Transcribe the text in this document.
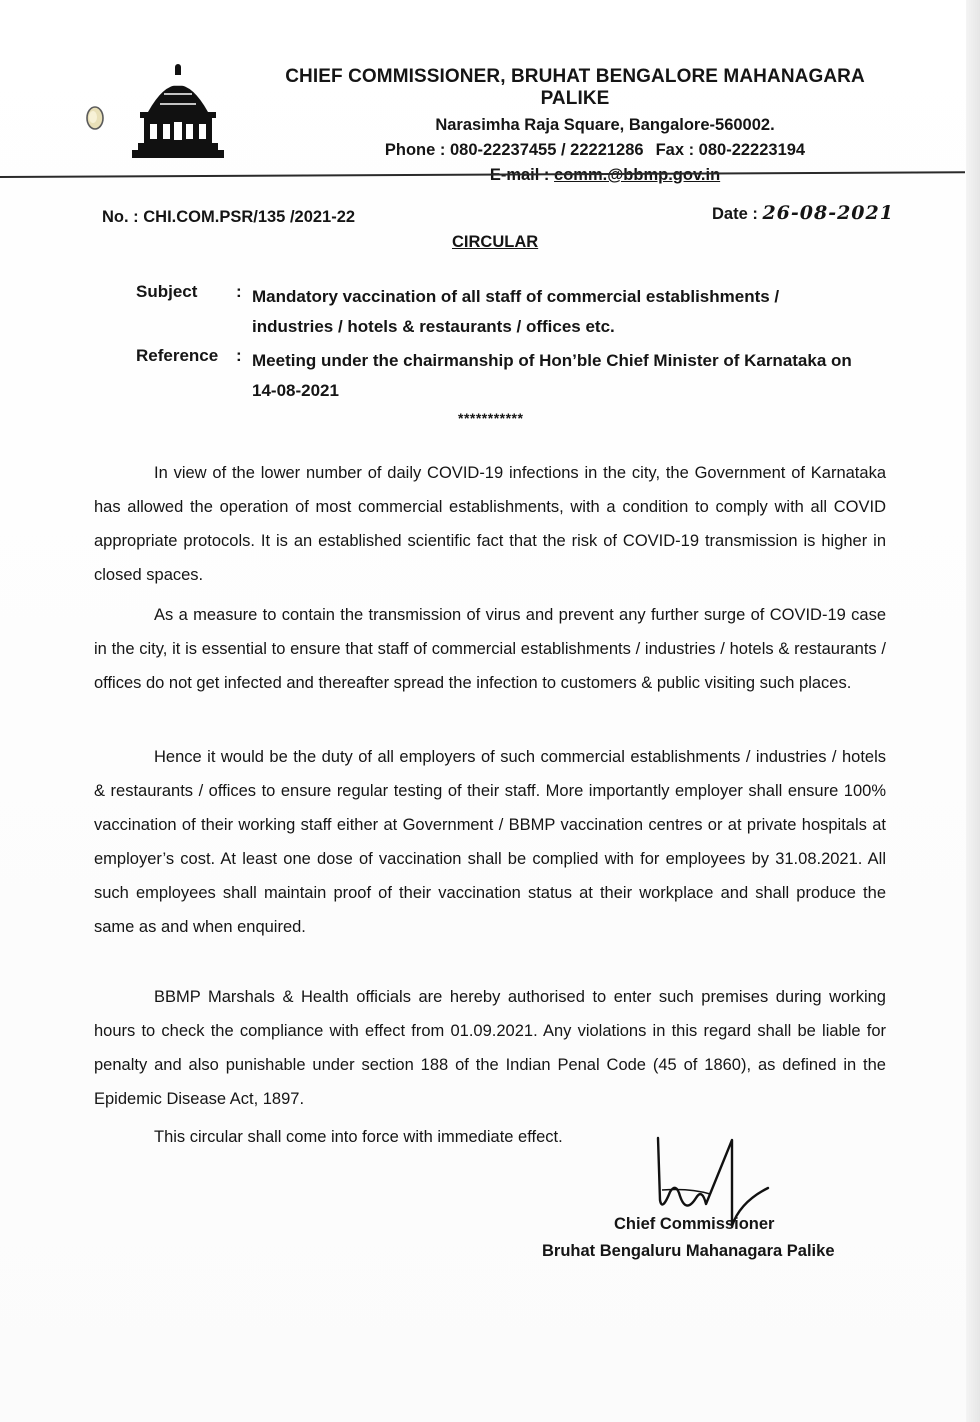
CHIEF COMMISSIONER, BRUHAT BENGALORE MAHANAGARA PALIKE
Narasimha Raja Square, Bangalore-560002.
Phone : 080-22237455 / 22221286 Fax : 080-22223194
E-mail : comm.@bbmp.gov.in
No. : CHI.COM.PSR/135 /2021-22	Date : 26-08-2021
CIRCULAR
Subject	: Mandatory vaccination of all staff of commercial establishments / industries / hotels & restaurants / offices etc.
Reference	: Meeting under the chairmanship of Hon’ble Chief Minister of Karnataka on 14-08-2021
***********

In view of the lower number of daily COVID-19 infections in the city, the Government of Karnataka has allowed the operation of most commercial establishments, with a condition to comply with all COVID appropriate protocols. It is an established scientific fact that the risk of COVID-19 transmission is higher in closed spaces.

As a measure to contain the transmission of virus and prevent any further surge of COVID-19 case in the city, it is essential to ensure that staff of commercial establishments / industries / hotels & restaurants / offices do not get infected and thereafter spread the infection to customers & public visiting such places.

Hence it would be the duty of all employers of such commercial establishments / industries / hotels & restaurants / offices to ensure regular testing of their staff. More importantly employer shall ensure 100% vaccination of their working staff either at Government / BBMP vaccination centres or at private hospitals at employer’s cost. At least one dose of vaccination shall be complied with for employees by 31.08.2021. All such employees shall maintain proof of their vaccination status at their workplace and shall produce the same as and when enquired.

BBMP Marshals & Health officials are hereby authorised to enter such premises during working hours to check the compliance with effect from 01.09.2021. Any violations in this regard shall be liable for penalty and also punishable under section 188 of the Indian Penal Code (45 of 1860), as defined in the Epidemic Disease Act, 1897.

This circular shall come into force with immediate effect.

Chief Commissioner
Bruhat Bengaluru Mahanagara Palike
